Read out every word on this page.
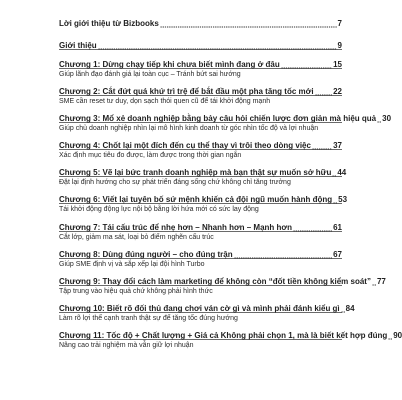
Lời giới thiệu từ Bizbooks	7
Giới thiệu	9
Chương 1: Dừng chạy tiếp khi chưa biết mình đang ở đâu	15
Giúp lãnh đạo đánh giá lại toàn cục – Tránh bứt sai hướng
Chương 2: Cắt đứt quá khứ trì trệ để bắt đầu một pha tăng tốc mới 22
SME cần reset tư duy, dọn sạch thói quen cũ để tái khởi động mạnh
Chương 3: Mổ xẻ doanh nghiệp bằng bảy câu hỏi chiến lược đơn giản mà hiệu quả 30
Giúp chủ doanh nghiệp nhìn lại mô hình kinh doanh từ góc nhìn tốc độ và lợi nhuận
Chương 4: Chốt lại một đích đến cụ thể thay vì trôi theo dòng việc	37
Xác định mục tiêu đo được, làm được trong thời gian ngắn
Chương 5: Vẽ lại bức tranh doanh nghiệp mà bạn thật sự muốn sở hữu 44
Đặt lại định hướng cho sự phát triển đáng sống chứ không chỉ tăng trưởng
Chương 6: Viết lại tuyên bố sứ mệnh khiến cả đội ngũ muốn hành động 53
Tái khởi động động lực nội bộ bằng lời hứa mới có sức lay động
Chương 7: Tái cấu trúc để nhẹ hơn – Nhanh hơn – Mạnh hơn	61
Cắt lớp, giảm ma sát, loại bỏ điểm nghẽn cấu trúc
Chương 8: Dùng đúng người – cho đúng trận	67
Giúp SME định vị và sắp xếp lại đội hình Turbo
Chương 9: Thay đổi cách làm marketing để không còn “đốt tiền không kiểm soát” 77
Tập trung vào hiệu quả chứ không phải hình thức
Chương 10: Biết rõ đối thủ đang chơi ván cờ gì và mình phải đánh kiểu gì 84
Làm rõ lợi thế cạnh tranh thật sự để tăng tốc đúng hướng
Chương 11: Tốc độ + Chất lượng + Giá cả Không phải chọn 1, mà là biết kết hợp đúng 90
Nâng cao trải nghiệm mà vẫn giữ lợi nhuận
